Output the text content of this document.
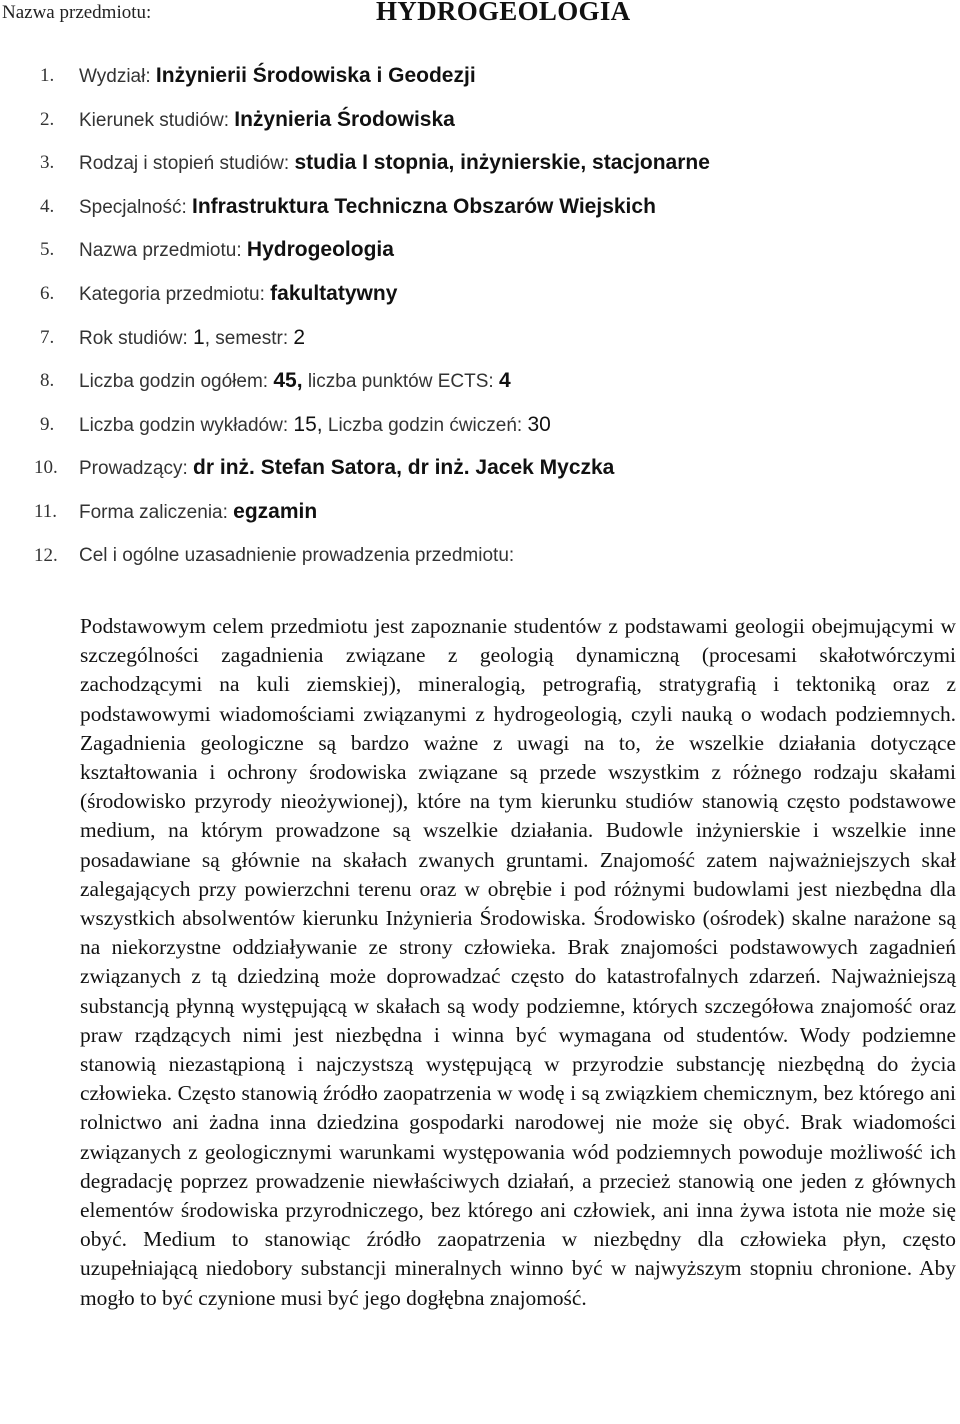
Nazwa przedmiotu:	HYDROGEOLOGIA
1.	Wydział: Inżynierii Środowiska i Geodezji
2.	Kierunek studiów: Inżynieria Środowiska
3.	Rodzaj i stopień studiów: studia I stopnia, inżynierskie, stacjonarne
4.	Specjalność: Infrastruktura Techniczna Obszarów Wiejskich
5.	Nazwa przedmiotu: Hydrogeologia
6.	Kategoria przedmiotu: fakultatywny
7.	Rok studiów: 1, semestr: 2
8.	Liczba godzin ogółem: 45, liczba punktów ECTS: 4
9.	Liczba godzin wykładów: 15, Liczba godzin ćwiczeń: 30
10.	Prowadzący: dr inż. Stefan Satora, dr inż. Jacek Myczka
11.	Forma zaliczenia: egzamin
12.	Cel i ogólne uzasadnienie prowadzenia przedmiotu:

Podstawowym celem przedmiotu jest zapoznanie studentów z podstawami geologii obejmującymi w szczególności zagadnienia związane z geologią dynamiczną (procesami skałotwórczymi zachodzącymi na kuli ziemskiej), mineralogią, petrografią, stratygrafią i tektoniką oraz z podstawowymi wiadomościami związanymi z hydrogeologią, czyli nauką o wodach podziemnych. Zagadnienia geologiczne są bardzo ważne z uwagi na to, że wszelkie działania dotyczące kształtowania i ochrony środowiska związane są przede wszystkim z różnego rodzaju skałami (środowisko przyrody nieożywionej), które na tym kierunku studiów stanowią często podstawowe medium, na którym prowadzone są wszelkie działania. Budowle inżynierskie i wszelkie inne posadawiane są głównie na skałach zwanych gruntami. Znajomość zatem najważniejszych skał zalegających przy powierzchni terenu oraz w obrębie i pod różnymi budowlami jest niezbędna dla wszystkich absolwentów kierunku Inżynieria Środowiska. Środowisko (ośrodek) skalne narażone są na niekorzystne oddziaływanie ze strony człowieka. Brak znajomości podstawowych zagadnień związanych z tą dziedziną może doprowadzać często do katastrofalnych zdarzeń. Najważniejszą substancją płynną występującą w skałach są wody podziemne, których szczegółowa znajomość oraz praw rządzących nimi jest niezbędna i winna być wymagana od studentów. Wody podziemne stanowią niezastąpioną i najczystszą występującą w przyrodzie substancję niezbędną do życia człowieka. Często stanowią źródło zaopatrzenia w wodę i są związkiem chemicznym, bez którego ani rolnictwo ani żadna inna dziedzina gospodarki narodowej nie może się obyć. Brak wiadomości związanych z geologicznymi warunkami występowania wód podziemnych powoduje możliwość ich degradację poprzez prowadzenie niewłaściwych działań, a przecież stanowią one jeden z głównych elementów środowiska przyrodniczego, bez którego ani człowiek, ani inna żywa istota nie może się obyć. Medium to stanowiąc źródło zaopatrzenia w niezbędny dla człowieka płyn, często uzupełniającą niedobory substancji mineralnych winno być w najwyższym stopniu chronione. Aby mogło to być czynione musi być jego dogłębna znajomość.
